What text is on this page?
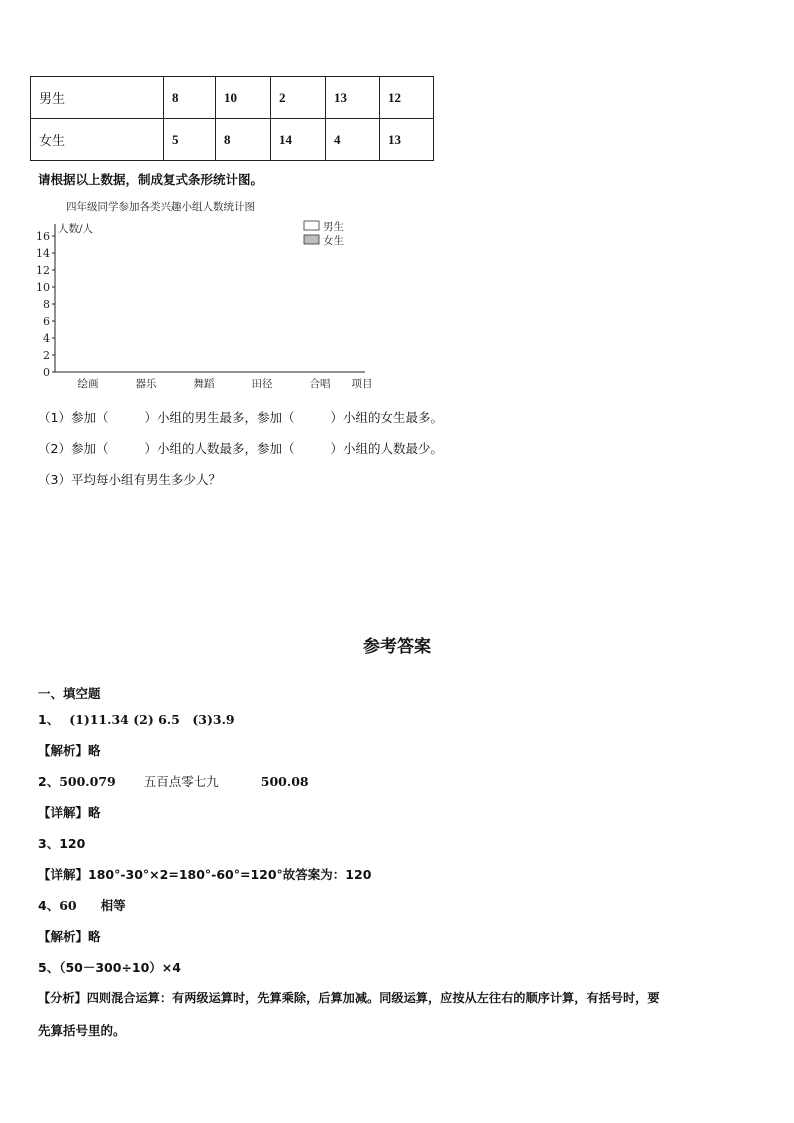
男生	8	10	2	13	12
女生	5	8	14	4	13
请根据以上数据，制成复式条形统计图。
四年级同学参加各类兴趣小组人数统计图
人数/人
0
2
4
6
8
10
12
14
16
绘画	器乐	舞蹈	田径	合唱 项目
男生
女生
（1）参加（	）小组的男生最多，参加（	）小组的女生最多。
（2）参加（	）小组的人数最多，参加（	）小组的人数最少。
（3）平均每小组有男生多少人？
参考答案
一、填空题
1、 (1)11.34 (2) 6.5　(3)3.9
【解析】略
2、500.079 五百点零七九	500.08
【详解】略
3、120
【详解】180°-30°×2=180°-60°=120°故答案为：120
4、60 相等
【解析】略
5、（50－300÷10）×4
【分析】四则混合运算：有两级运算时，先算乘除，后算加减。同级运算，应按从左往右的顺序计算，有括号时，要
先算括号里的。
